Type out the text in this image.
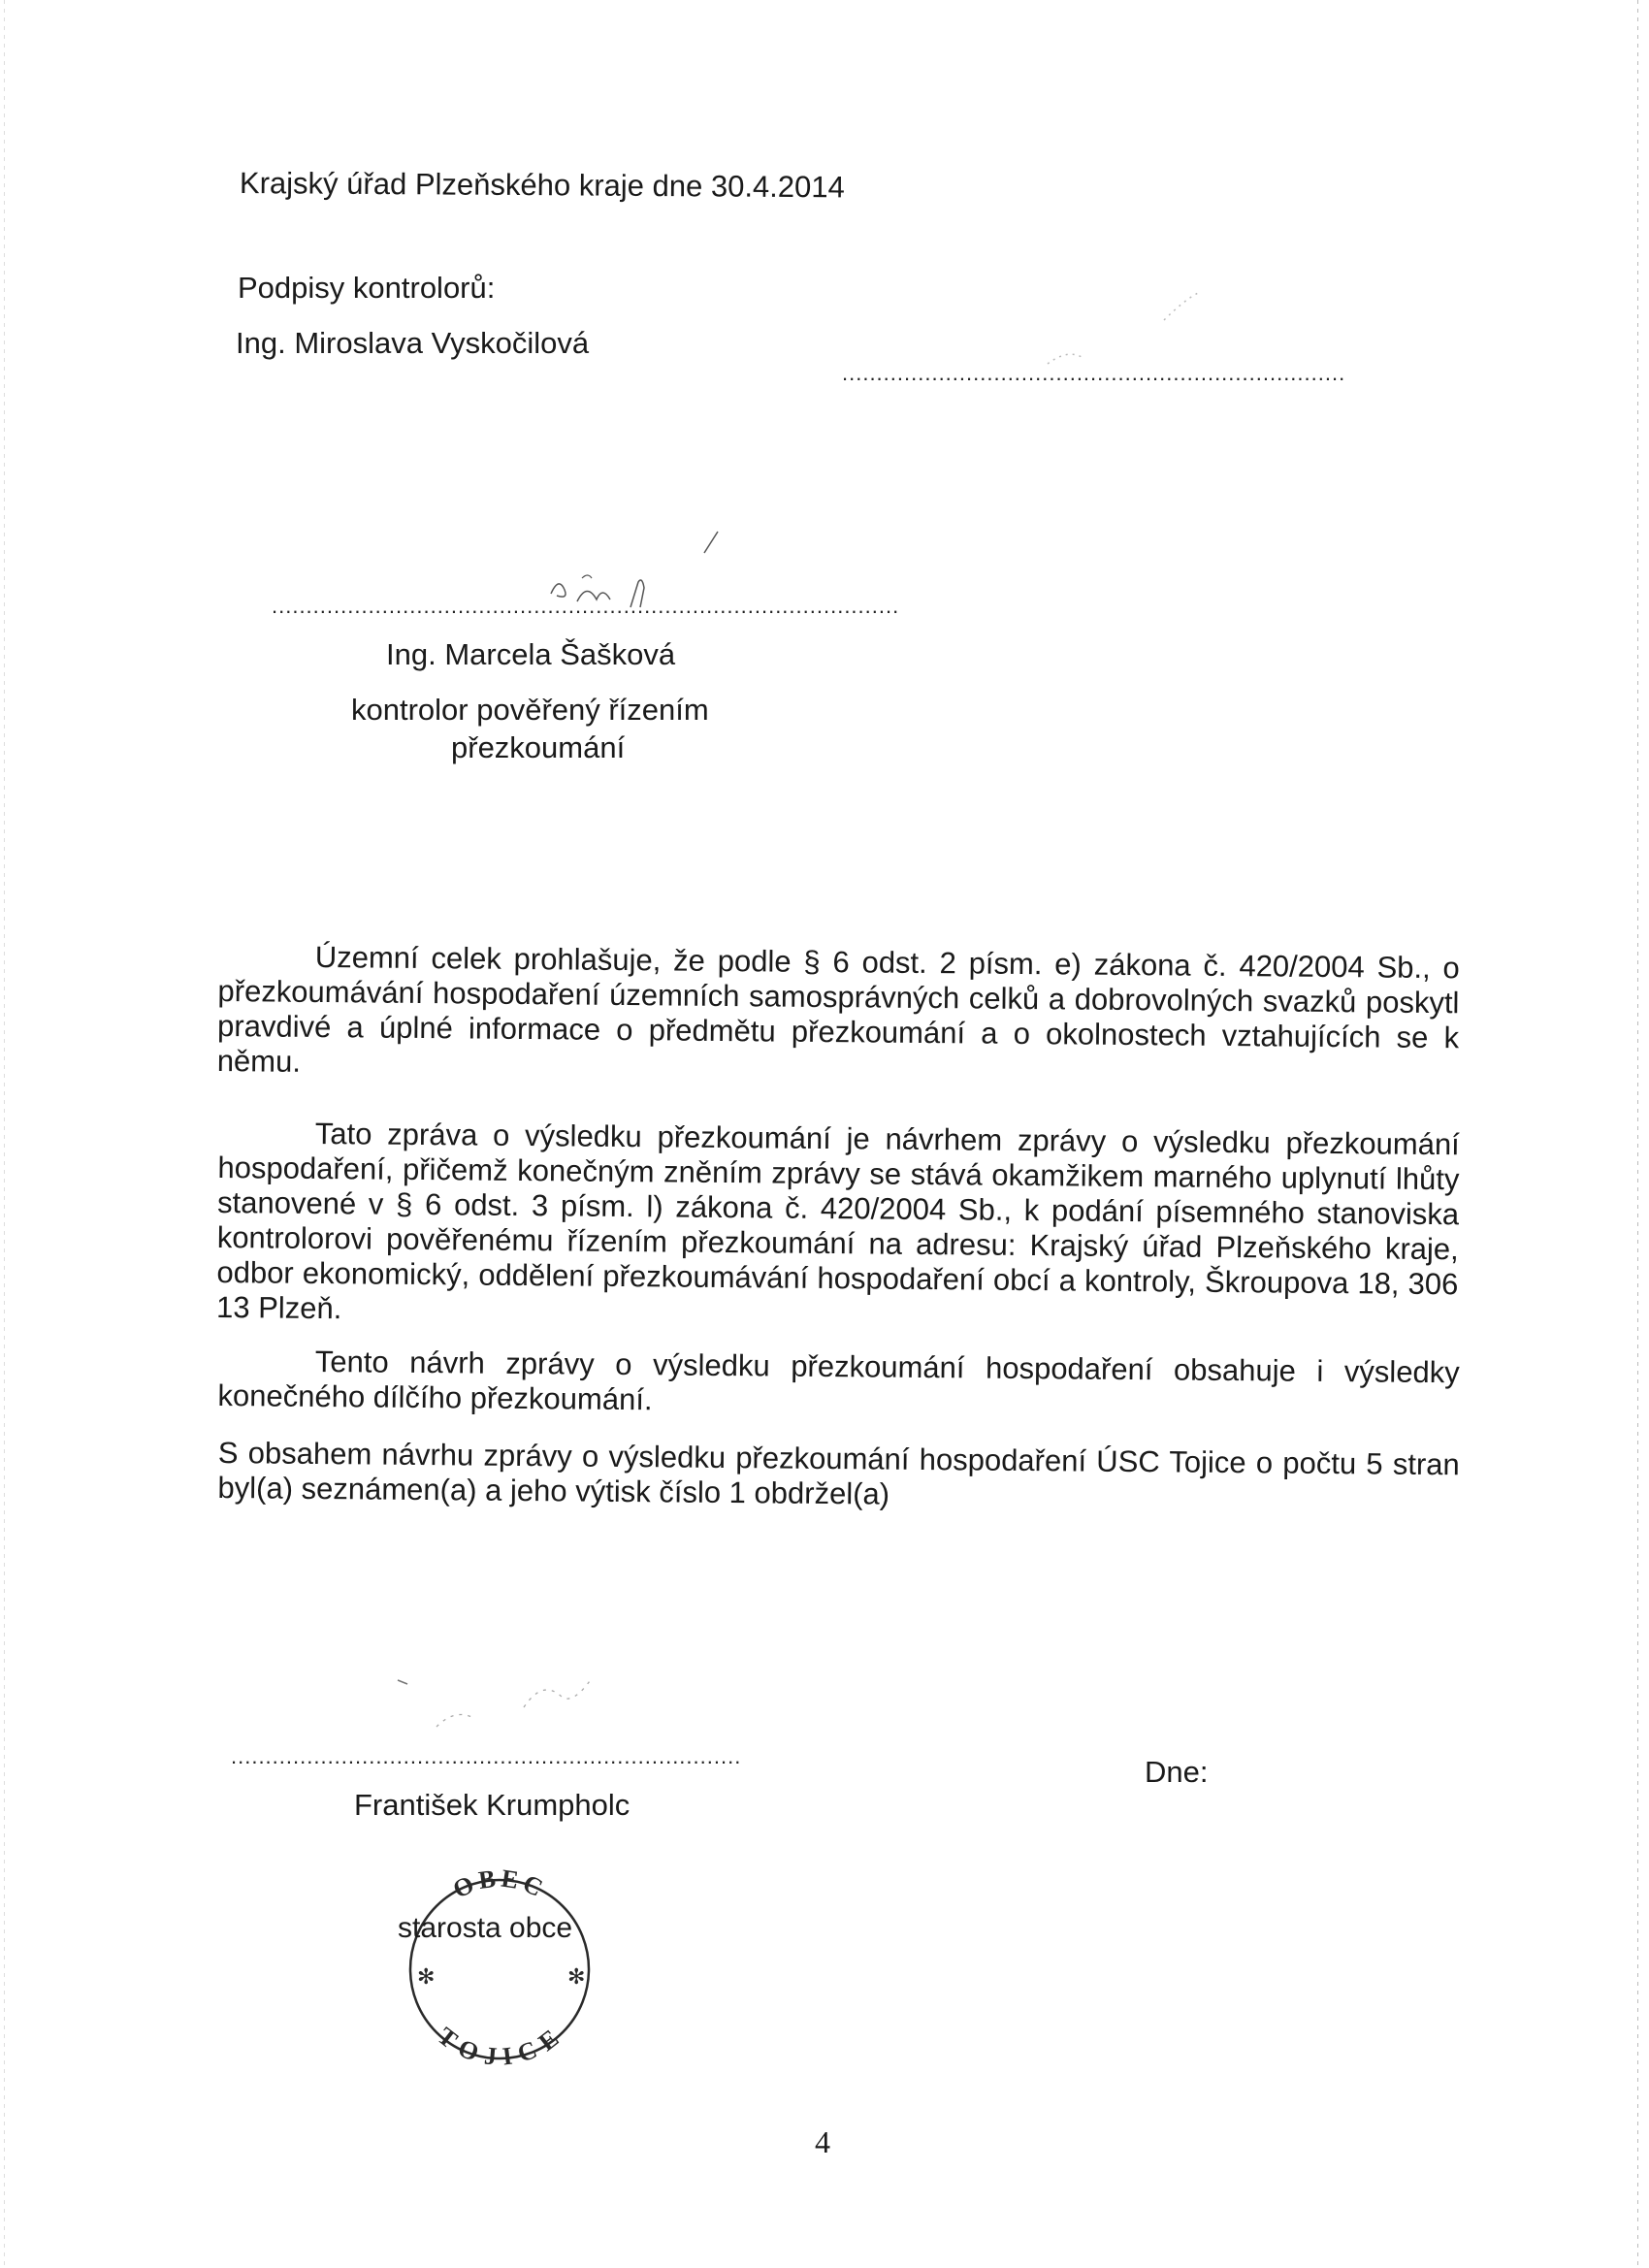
Krajský úřad Plzeňského kraje dne 30.4.2014
Podpisy kontrolorů:
Ing. Miroslava Vyskočilová
.........................................................................
...........................................................................................
Ing. Marcela Šašková
kontrolor pověřený řízením
přezkoumání
Územní celek prohlašuje, že podle § 6 odst. 2 písm. e) zákona č. 420/2004 Sb., o přezkoumávání hospodaření územních samosprávných celků a dobrovolných svazků poskytl pravdivé a úplné informace o předmětu přezkoumání a o okolnostech vztahujících se k němu.
Tato zpráva o výsledku přezkoumání je návrhem zprávy o výsledku přezkoumání hospodaření, přičemž konečným zněním zprávy se stává okamžikem marného uplynutí lhůty stanovené v § 6 odst. 3 písm. l) zákona č. 420/2004 Sb., k podání písemného stanoviska kontrolorovi pověřenému řízením přezkoumání na adresu: Krajský úřad Plzeňského kraje, odbor ekonomický, oddělení přezkoumávání hospodaření obcí a kontroly, Škroupova 18, 306 13 Plzeň.
Tento návrh zprávy o výsledku přezkoumání hospodaření obsahuje i výsledky konečného dílčího přezkoumání.
S obsahem návrhu zprávy o výsledku přezkoumání hospodaření ÚSC Tojice o počtu 5 stran byl(a) seznámen(a) a jeho výtisk číslo 1 obdržel(a)
..........................................................................
František Krumpholc
Dne:
OBEC
TOJICE
✻	✻
starosta obce
4
